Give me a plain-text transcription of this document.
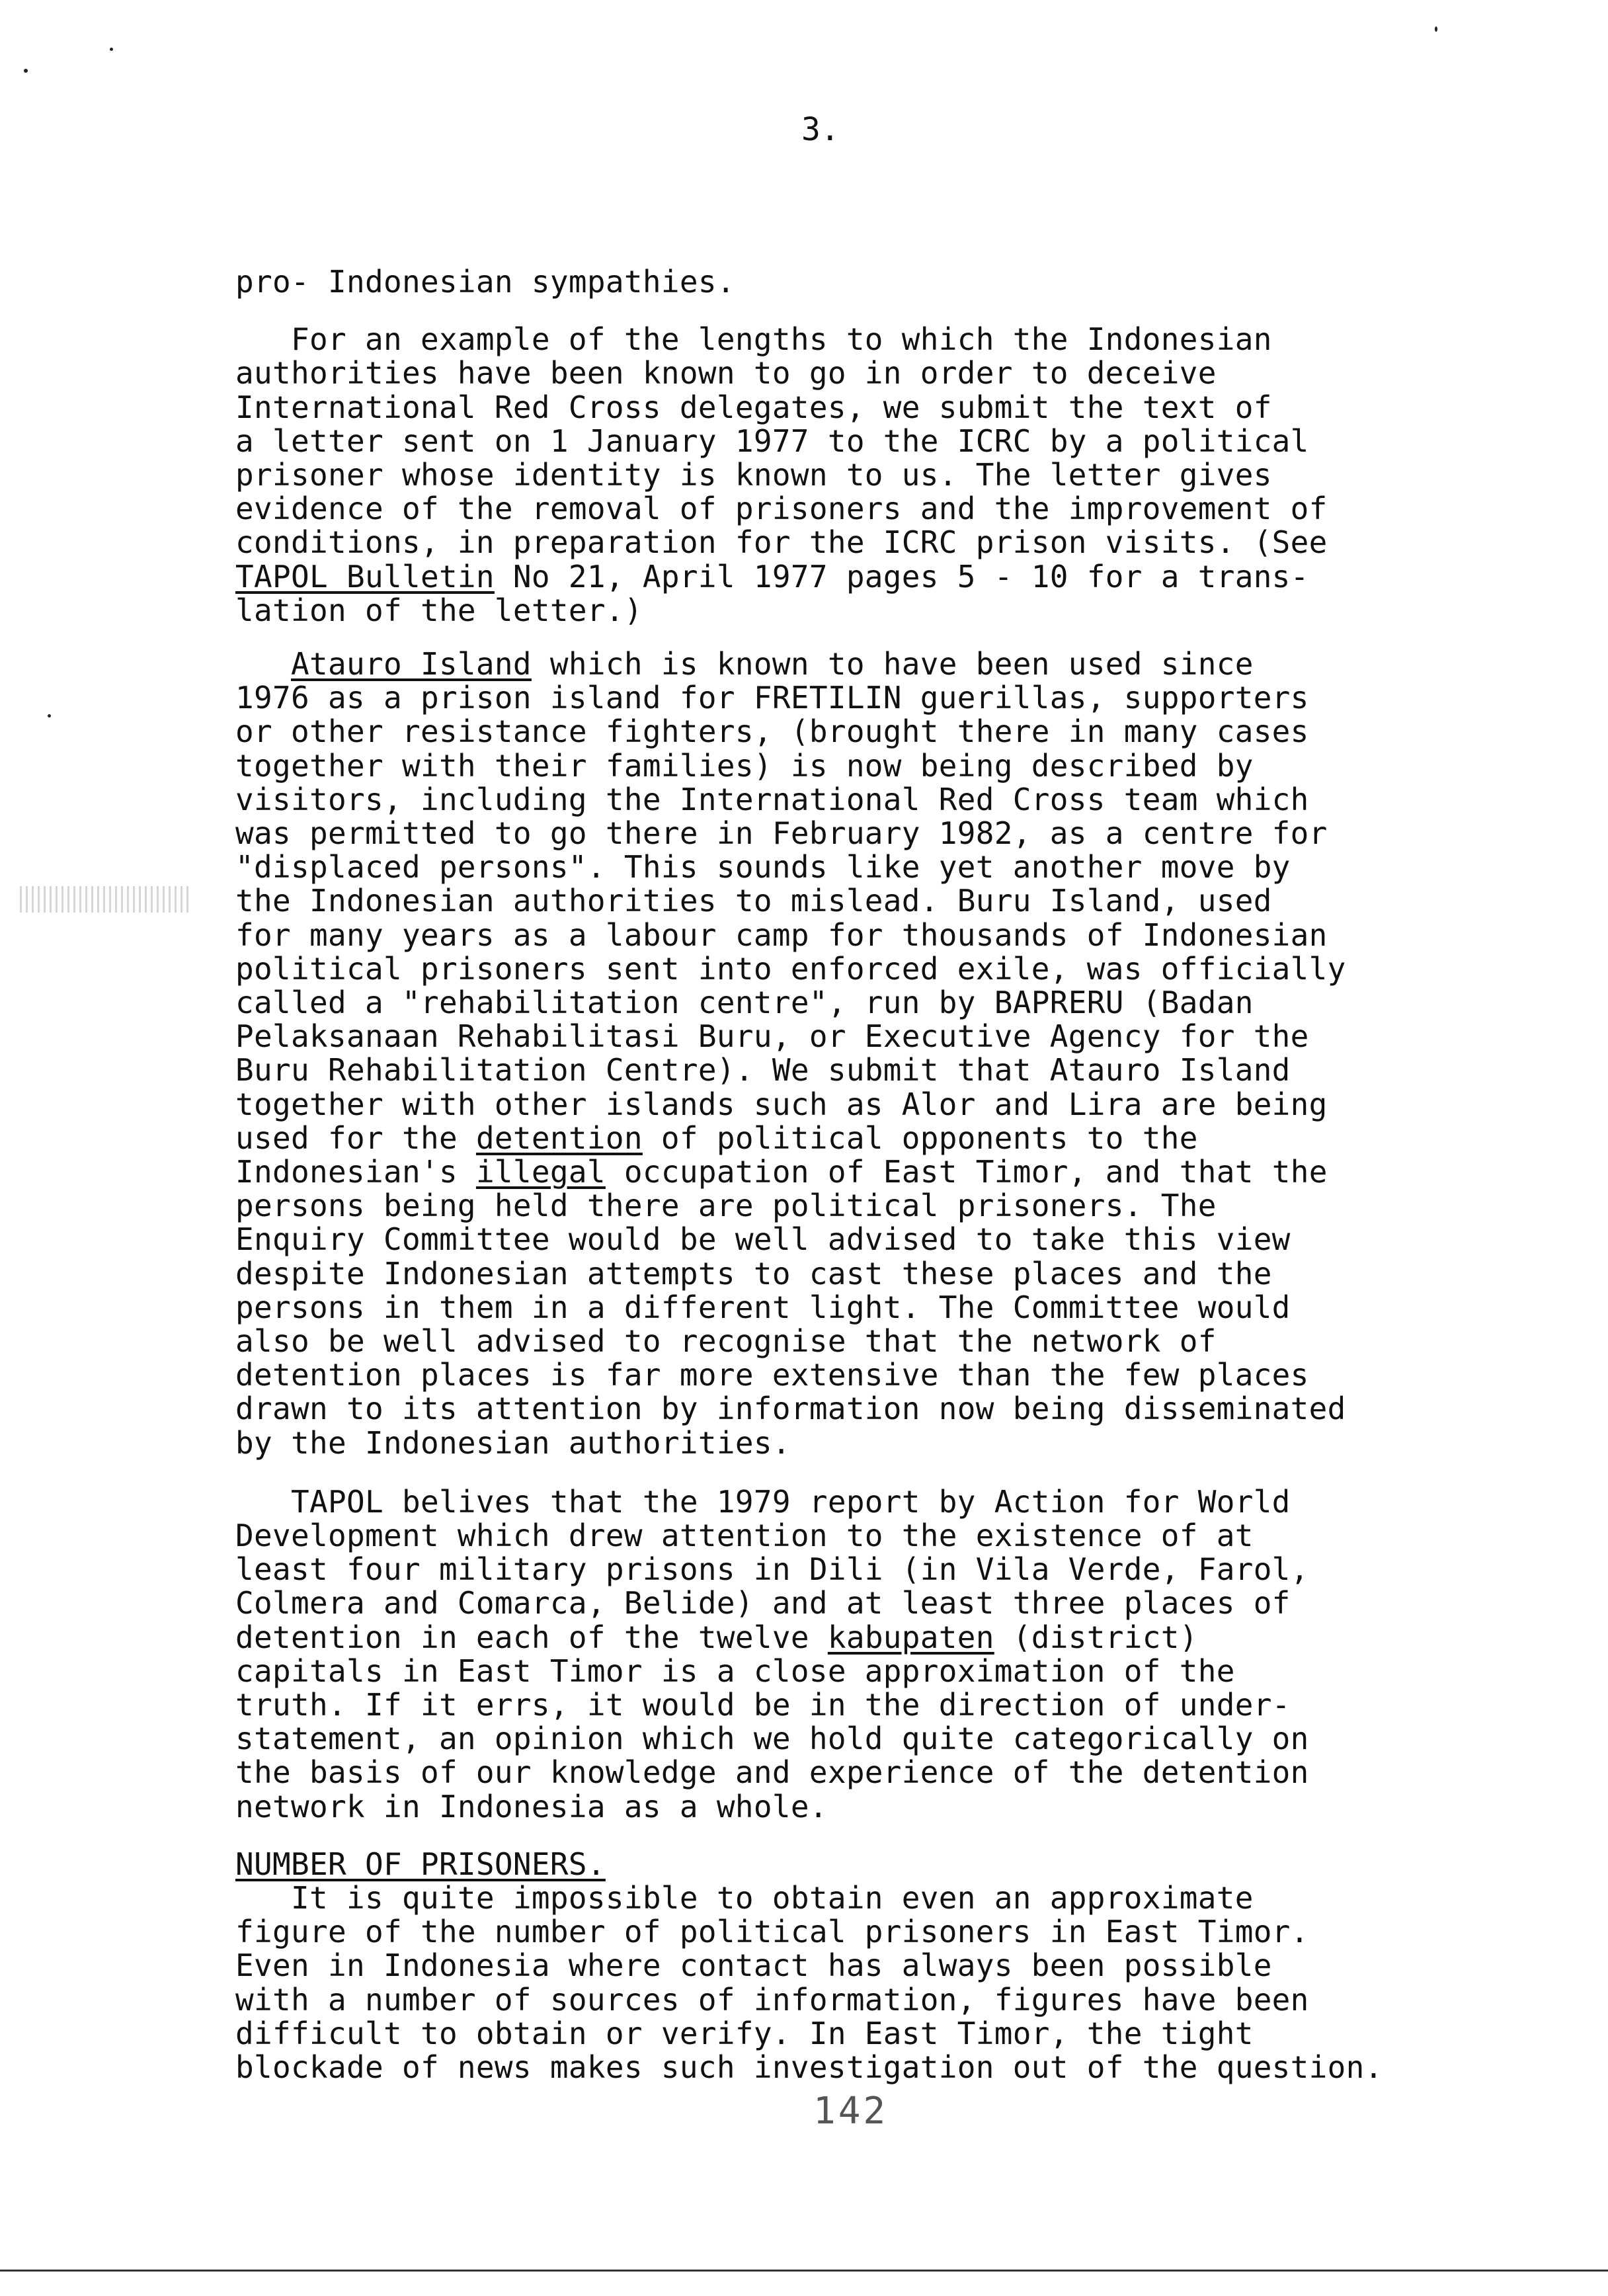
3.
pro- Indonesian sympathies.
For an example of the lengths to which the Indonesian
authorities have been known to go in order to deceive
International Red Cross delegates, we submit the text of
a letter sent on 1 January 1977 to the ICRC by a political
prisoner whose identity is known to us. The letter gives
evidence of the removal of prisoners and the improvement of
conditions, in preparation for the ICRC prison visits. (See
TAPOL Bulletin No 21, April 1977 pages 5 - 10 for a trans-
lation of the letter.)
Atauro Island which is known to have been used since
1976 as a prison island for FRETILIN guerillas, supporters
or other resistance fighters, (brought there in many cases
together with their families) is now being described by
visitors, including the International Red Cross team which
was permitted to go there in February 1982, as a centre for
"displaced persons". This sounds like yet another move by
the Indonesian authorities to mislead. Buru Island, used
for many years as a labour camp for thousands of Indonesian
political prisoners sent into enforced exile, was officially
called a "rehabilitation centre", run by BAPRERU (Badan
Pelaksanaan Rehabilitasi Buru, or Executive Agency for the
Buru Rehabilitation Centre). We submit that Atauro Island
together with other islands such as Alor and Lira are being
used for the detention of political opponents to the
Indonesian's illegal occupation of East Timor, and that the
persons being held there are political prisoners. The
Enquiry Committee would be well advised to take this view
despite Indonesian attempts to cast these places and the
persons in them in a different light. The Committee would
also be well advised to recognise that the network of
detention places is far more extensive than the few places
drawn to its attention by information now being disseminated
by the Indonesian authorities.
TAPOL belives that the 1979 report by Action for World
Development which drew attention to the existence of at
least four military prisons in Dili (in Vila Verde, Farol,
Colmera and Comarca, Belide) and at least three places of
detention in each of the twelve kabupaten (district)
capitals in East Timor is a close approximation of the
truth. If it errs, it would be in the direction of under-
statement, an opinion which we hold quite categorically on
the basis of our knowledge and experience of the detention
network in Indonesia as a whole.
NUMBER OF PRISONERS.
It is quite impossible to obtain even an approximate
figure of the number of political prisoners in East Timor.
Even in Indonesia where contact has always been possible
with a number of sources of information, figures have been
difficult to obtain or verify. In East Timor, the tight
blockade of news makes such investigation out of the question.
142
